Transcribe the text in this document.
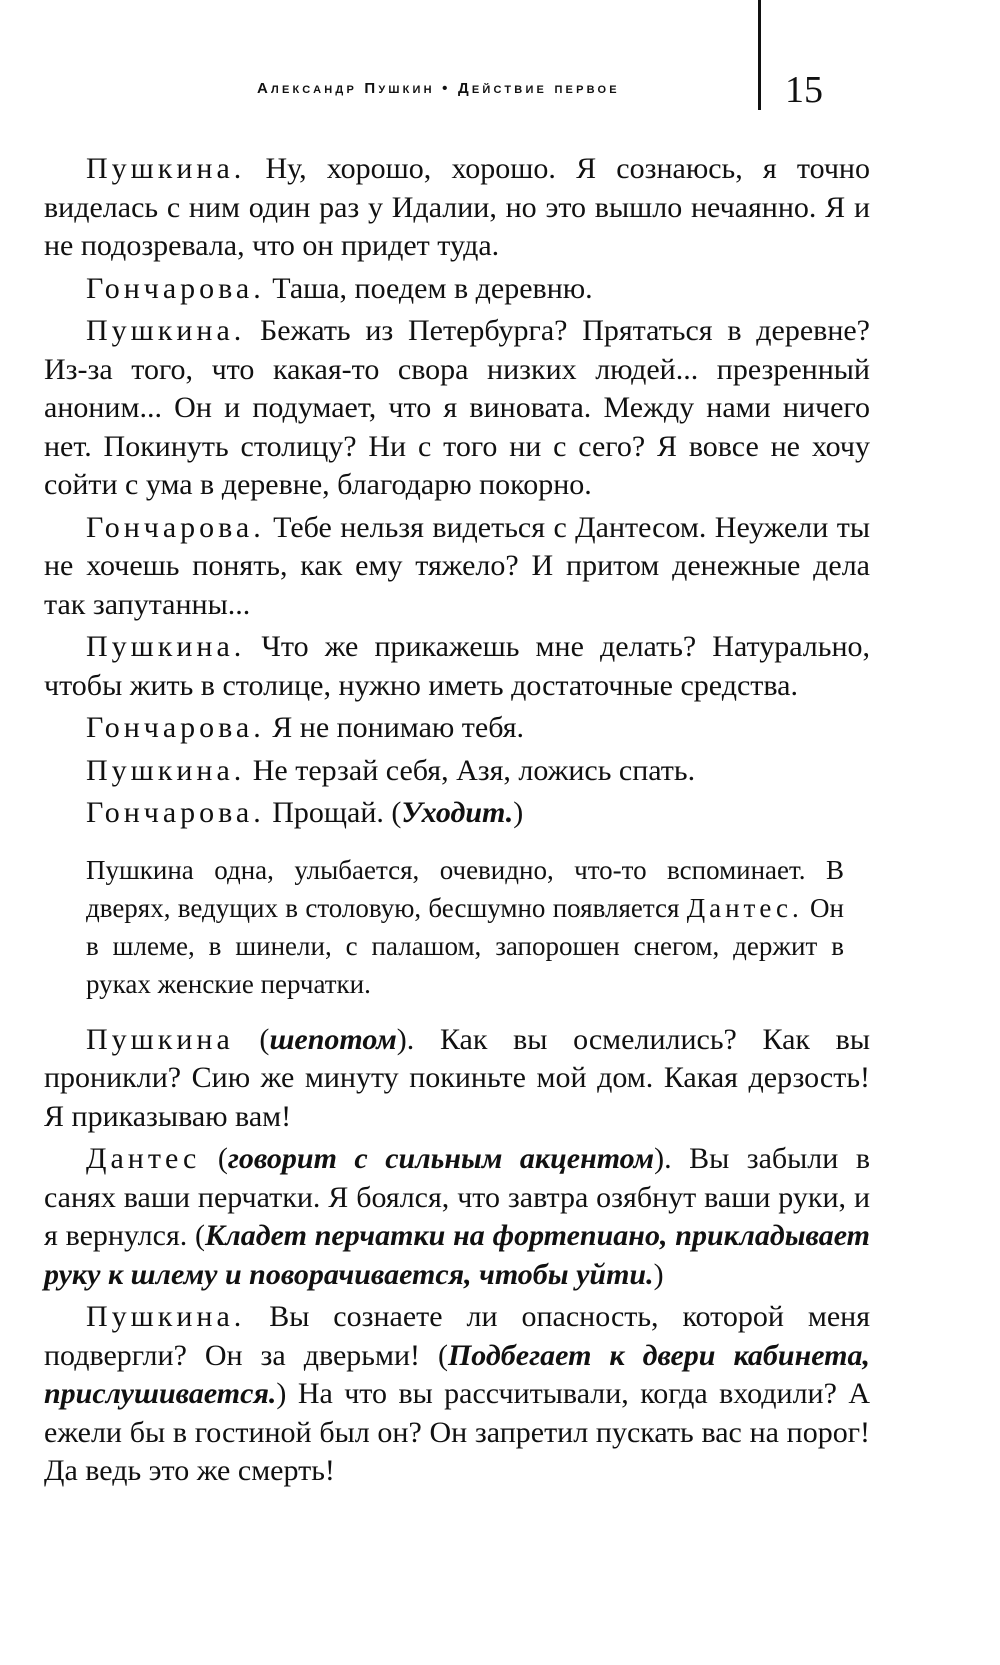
Александр Пушкин • Действие первое	15

Пушкина. Ну, хорошо, хорошо. Я сознаюсь, я точно виделась с ним один раз у Идалии, но это вышло нечаянно. Я и не подозревала, что он придет туда.

Гончарова. Таша, поедем в деревню.

Пушкина. Бежать из Петербурга? Прятаться в деревне? Из-за того, что какая-то свора низких людей... презренный аноним... Он и подумает, что я виновата. Между нами ничего нет. Покинуть столицу? Ни с того ни с сего? Я вовсе не хочу сойти с ума в деревне, благодарю покорно.

Гончарова. Тебе нельзя видеться с Дантесом. Неужели ты не хочешь понять, как ему тяжело? И притом денежные дела так запутанны...

Пушкина. Что же прикажешь мне делать? Натурально, чтобы жить в столице, нужно иметь достаточные средства.

Гончарова. Я не понимаю тебя.

Пушкина. Не терзай себя, Азя, ложись спать.

Гончарова. Прощай. (Уходит.)

Пушкина одна, улыбается, очевидно, что-то вспоминает. В дверях, ведущих в столовую, бесшумно появляется Дантес. Он в шлеме, в шинели, с палашом, запорошен снегом, держит в руках женские перчатки.

Пушкина (шепотом). Как вы осмелились? Как вы проникли? Сию же минуту покиньте мой дом. Какая дерзость! Я приказываю вам!

Дантес (говорит с сильным акцентом). Вы забыли в санях ваши перчатки. Я боялся, что завтра озябнут ваши руки, и я вернулся. (Кладет перчатки на фортепиано, прикладывает руку к шлему и поворачивается, чтобы уйти.)

Пушкина. Вы сознаете ли опасность, которой меня подвергли? Он за дверьми! (Подбегает к двери кабинета, прислушивается.) На что вы рассчитывали, когда входили? А ежели бы в гостиной был он? Он запретил пускать вас на порог! Да ведь это же смерть!
